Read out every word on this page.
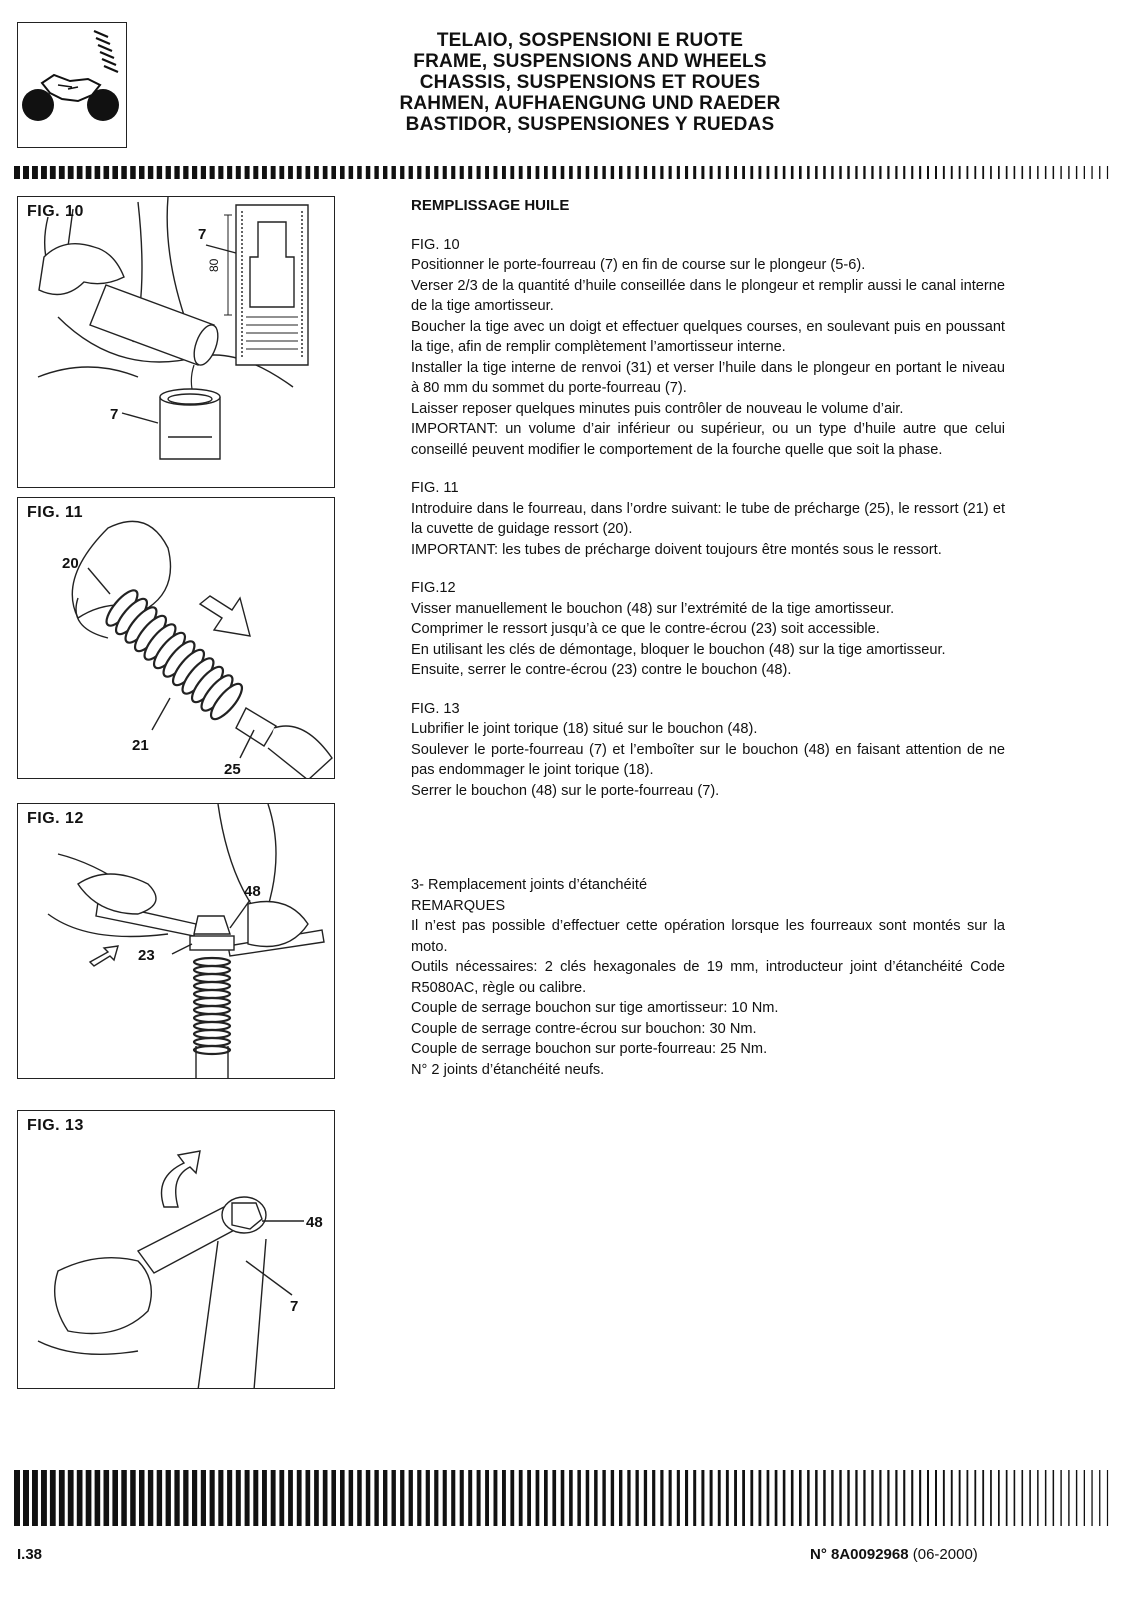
TELAIO, SOSPENSIONI E RUOTE
FRAME, SUSPENSIONS AND WHEELS
CHASSIS, SUSPENSIONS ET ROUES
RAHMEN, AUFHAENGUNG UND RAEDER
BASTIDOR, SUSPENSIONES Y RUEDAS
FIG. 10
7
7
80
FIG. 11
20
21
25
FIG. 12
48
23
FIG. 13
48
7
REMPLISSAGE HUILE

FIG. 10

Positionner le porte-fourreau (7) en fin de course sur le plongeur (5-6).

Verser 2/3 de la quantité d’huile conseillée dans le plongeur et remplir aussi le canal interne de la tige amortisseur.

Boucher la tige avec un doigt et effectuer quelques courses, en soulevant puis en poussant la tige, afin de remplir complètement l’amortisseur interne.

Installer la tige interne de renvoi (31) et verser l’huile dans le plongeur en portant le niveau à 80 mm du sommet du porte-fourreau (7).

Laisser reposer quelques minutes puis contrôler de nouveau le volume d’air.

IMPORTANT: un volume d’air inférieur ou supérieur, ou un type d’huile autre que celui conseillé peuvent modifier le comportement de la fourche quelle que soit la phase.

FIG. 11

Introduire dans le fourreau, dans l’ordre suivant: le tube de précharge (25), le ressort (21) et la cuvette de guidage ressort (20).

IMPORTANT: les tubes de précharge doivent toujours être montés sous le ressort.

FIG.12

Visser manuellement le bouchon (48) sur l’extrémité de la tige amortisseur.

Comprimer le ressort jusqu’à ce que le contre-écrou (23) soit accessible.

En utilisant les clés de démontage, bloquer le bouchon (48) sur la tige amortisseur.

Ensuite, serrer le contre-écrou (23) contre le bouchon (48).

FIG. 13

Lubrifier le joint torique (18) situé sur le bouchon (48).

Soulever le porte-fourreau (7) et l’emboîter sur le bouchon (48) en faisant attention de ne pas endommager le joint torique (18).

Serrer le bouchon (48) sur le porte-fourreau (7).

3- Remplacement joints d’étanchéité

REMARQUES

Il n’est pas possible d’effectuer cette opération lorsque les fourreaux sont montés sur la moto.

Outils nécessaires: 2 clés hexagonales de 19 mm, introducteur joint d’étanchéité Code R5080AC, règle ou calibre.

Couple de serrage bouchon sur tige amortisseur: 10 Nm.

Couple de serrage contre-écrou sur bouchon: 30 Nm.

Couple de serrage bouchon sur porte-fourreau: 25 Nm.

N° 2 joints d’étanchéité neufs.

I.38	N° 8A0092968 (06-2000)
